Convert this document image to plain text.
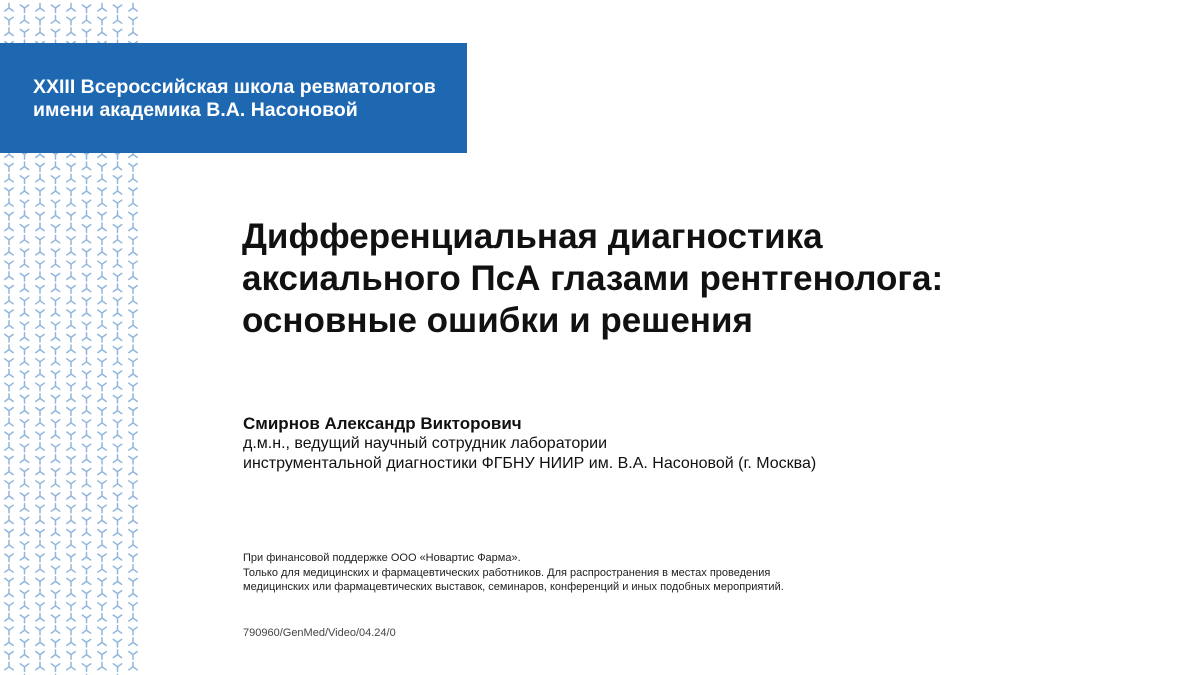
XXIII Всероссийская школа ревматологов
имени академика В.А. Насоновой
Дифференциальная диагностика
аксиального ПсА глазами рентгенолога:
основные ошибки и решения
Смирнов Александр Викторович
д.м.н., ведущий научный сотрудник лаборатории
инструментальной диагностики ФГБНУ НИИР им. В.А. Насоновой (г. Москва)
При финансовой поддержке ООО «Новартис Фарма».
Только для медицинских и фармацевтических работников. Для распространения в местах проведения
медицинских или фармацевтических выставок, семинаров, конференций и иных подобных мероприятий.
790960/GenMed/Video/04.24/0
